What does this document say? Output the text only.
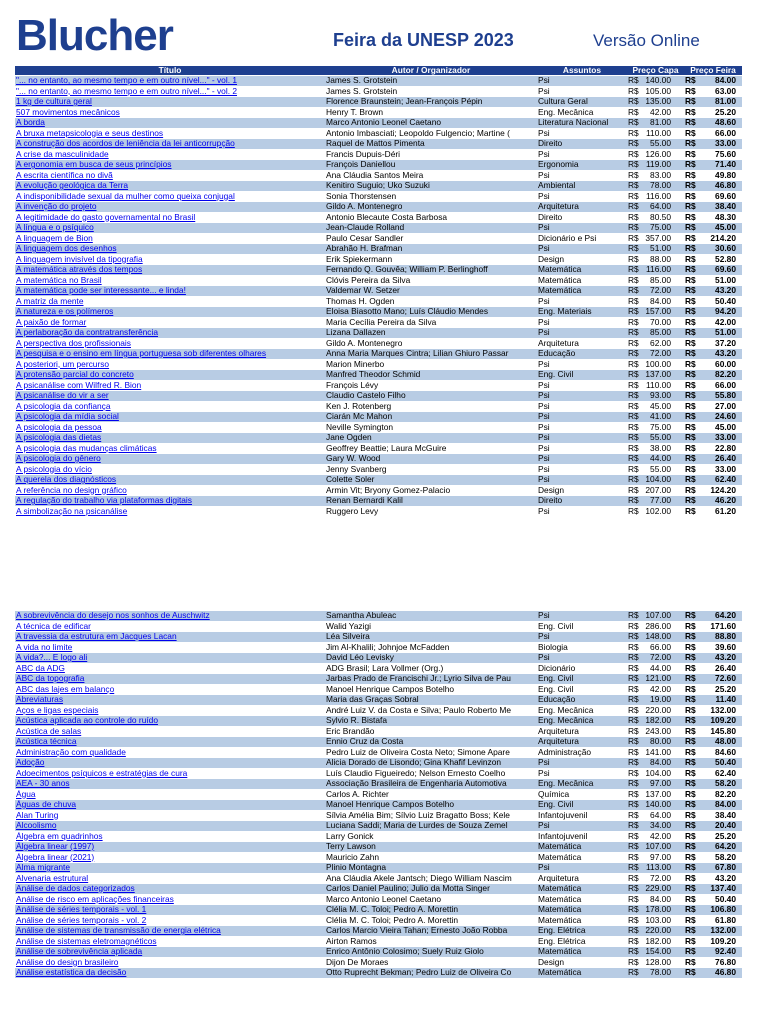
Blucher	Feira da UNESP 2023	Versão Online
Título	Autor / Organizador	Assuntos	Preço Capa	Preço Feira
"... no entanto, ao mesmo tempo e em outro nível..." - vol. 1	James S. Grotstein	Psi	R$ 140.00	R$ 84.00
"... no entanto, ao mesmo tempo e em outro nível..." - vol. 2	James S. Grotstein	Psi	R$ 105.00	R$ 63.00
1 kg de cultura geral	Florence Braunstein; Jean-François Pépin	Cultura Geral	R$ 135.00	R$ 81.00
507 movimentos mecânicos	Henry T. Brown	Eng. Mecânica	R$ 42.00	R$ 25.20
A borda	Marco Antonio Leonel Caetano	Literatura Nacional	R$ 81.00	R$ 48.60
A bruxa metapsicologia e seus destinos	Antonio Imbasciati; Leopoldo Fulgencio; Martine (	Psi	R$ 110.00	R$ 66.00
A construção dos acordos de leniência da lei anticorrupção	Raquel de Mattos Pimenta	Direito	R$ 55.00	R$ 33.00
A crise da masculinidade	Francis Dupuis-Déri	Psi	R$ 126.00	R$ 75.60
A ergonomia em busca de seus princípios	François Daniellou	Ergonomia	R$ 119.00	R$ 71.40
A escrita científica no divã	Ana Cláudia Santos Meira	Psi	R$ 83.00	R$ 49.80
A evolução geológica da Terra	Kenitiro Suguio; Uko Suzuki	Ambiental	R$ 78.00	R$ 46.80
A indisponibilidade sexual da mulher como queixa conjugal	Sonia Thorstensen	Psi	R$ 116.00	R$ 69.60
A invenção do projeto	Gildo A. Montenegro	Arquitetura	R$ 64.00	R$ 38.40
A legitimidade do gasto governamental no Brasil	Antonio Blecaute Costa Barbosa	Direito	R$ 80.50	R$ 48.30
A língua e o psíquico	Jean-Claude Rolland	Psi	R$ 75.00	R$ 45.00
A linguagem de Bion	Paulo Cesar Sandler	Dicionário e Psi	R$ 357.00	R$ 214.20
A linguagem dos desenhos	Abrahão H. Brafman	Psi	R$ 51.00	R$ 30.60
A linguagem invisível da tipografia	Erik Spiekermann	Design	R$ 88.00	R$ 52.80
A matemática através dos tempos	Fernando Q. Gouvêa; William P. Berlinghoff	Matemática	R$ 116.00	R$ 69.60
A matemática no Brasil	Clóvis Pereira da Silva	Matemática	R$ 85.00	R$ 51.00
A matemática pode ser interessante... e linda!	Valdemar W. Setzer	Matemática	R$ 72.00	R$ 43.20
A matriz da mente	Thomas H. Ogden	Psi	R$ 84.00	R$ 50.40
A natureza e os polímeros	Eloisa Biasotto Mano; Luís Cláudio Mendes	Eng. Materiais	R$ 157.00	R$ 94.20
A paixão de formar	Maria Cecília Pereira da Silva	Psi	R$ 70.00	R$ 42.00
A perlaboração da contratransferência	Lizana Dallazen	Psi	R$ 85.00	R$ 51.00
A perspectiva dos profissionais	Gildo A. Montenegro	Arquitetura	R$ 62.00	R$ 37.20
A pesquisa e o ensino em língua portuguesa sob diferentes olhares	Anna Maria Marques Cintra; Lilian Ghiuro Passar	Educação	R$ 72.00	R$ 43.20
A posteriori, um percurso	Marion Minerbo	Psi	R$ 100.00	R$ 60.00
A protensão parcial do concreto	Manfred Theodor Schmid	Eng. Civil	R$ 137.00	R$ 82.20
A psicanálise com Wilfred R. Bion	François Lévy	Psi	R$ 110.00	R$ 66.00
A psicanálise do vir a ser	Claudio Castelo Filho	Psi	R$ 93.00	R$ 55.80
A psicologia da confiança	Ken J. Rotenberg	Psi	R$ 45.00	R$ 27.00
A psicologia da mídia social	Ciarán Mc Mahon	Psi	R$ 41.00	R$ 24.60
A psicologia da pessoa	Neville Symington	Psi	R$ 75.00	R$ 45.00
A psicologia das dietas	Jane Ogden	Psi	R$ 55.00	R$ 33.00
A psicologia das mudanças climáticas	Geoffrey Beattie; Laura McGuire	Psi	R$ 38.00	R$ 22.80
A psicologia do gênero	Gary W. Wood	Psi	R$ 44.00	R$ 26.40
A psicologia do vício	Jenny Svanberg	Psi	R$ 55.00	R$ 33.00
A querela dos diagnósticos	Colette Soler	Psi	R$ 104.00	R$ 62.40
A referência no design gráfico	Armin Vit; Bryony Gomez-Palacio	Design	R$ 207.00	R$ 124.20
A regulação do trabalho via plataformas digitais	Renan Bernardi Kalil	Direito	R$ 77.00	R$ 46.20
A simbolização na psicanálise	Ruggero Levy	Psi	R$ 102.00	R$ 61.20
A sobrevivência do desejo nos sonhos de Auschwitz	Samantha Abuleac	Psi	R$ 107.00	R$ 64.20
A técnica de edificar	Walid Yazigi	Eng. Civil	R$ 286.00	R$ 171.60
A travessia da estrutura em Jacques Lacan	Léa Silveira	Psi	R$ 148.00	R$ 88.80
A vida no limite	Jim Al-Khalili; Johnjoe McFadden	Biologia	R$ 66.00	R$ 39.60
A vida?... E logo ali	David Léo Levisky	Psi	R$ 72.00	R$ 43.20
ABC da ADG	ADG Brasil; Lara Vollmer (Org.)	Dicionário	R$ 44.00	R$ 26.40
ABC da topografia	Jarbas Prado de Francischi Jr.; Lyrio Silva de Pau	Eng. Civil	R$ 121.00	R$ 72.60
ABC das lajes em balanço	Manoel Henrique Campos Botelho	Eng. Civil	R$ 42.00	R$ 25.20
Abreviaturas	Maria das Graças Sobral	Educação	R$ 19.00	R$ 11.40
Aços e ligas especiais	André Luiz V. da Costa e Silva; Paulo Roberto Me	Eng. Mecânica	R$ 220.00	R$ 132.00
Acústica aplicada ao controle do ruído	Sylvio R. Bistafa	Eng. Mecânica	R$ 182.00	R$ 109.20
Acústica de salas	Eric Brandão	Arquitetura	R$ 243.00	R$ 145.80
Acústica técnica	Ennio Cruz da Costa	Arquitetura	R$ 80.00	R$ 48.00
Administração com qualidade	Pedro Luiz de Oliveira Costa Neto; Simone Apare	Administração	R$ 141.00	R$ 84.60
Adoção	Alicia Dorado de Lisondo; Gina Khafif Levinzon	Psi	R$ 84.00	R$ 50.40
Adoecimentos psíquicos e estratégias de cura	Luís Claudio Figueiredo; Nelson Ernesto Coelho	Psi	R$ 104.00	R$ 62.40
AEA - 30 anos	Associação Brasileira de Engenharia Automotiva	Eng. Mecânica	R$ 97.00	R$ 58.20
Água	Carlos A. Richter	Química	R$ 137.00	R$ 82.20
Águas de chuva	Manoel Henrique Campos Botelho	Eng. Civil	R$ 140.00	R$ 84.00
Alan Turing	Sílvia Amélia Bim; Sílvio Luiz Bragatto Boss; Kele	Infantojuvenil	R$ 64.00	R$ 38.40
Alcoolismo	Luciana Saddi; Maria de Lurdes de Souza Zemel	Psi	R$ 34.00	R$ 20.40
Álgebra em quadrinhos	Larry Gonick	Infantojuvenil	R$ 42.00	R$ 25.20
Álgebra linear (1997)	Terry Lawson	Matemática	R$ 107.00	R$ 64.20
Álgebra linear (2021)	Mauricio Zahn	Matemática	R$ 97.00	R$ 58.20
Alma migrante	Plinio Montagna	Psi	R$ 113.00	R$ 67.80
Alvenaria estrutural	Ana Cláudia Akele Jantsch; Diego William Nascim	Arquitetura	R$ 72.00	R$ 43.20
Análise de dados categorizados	Carlos Daniel Paulino; Julio da Motta Singer	Matemática	R$ 229.00	R$ 137.40
Análise de risco em aplicações financeiras	Marco Antonio Leonel Caetano	Matemática	R$ 84.00	R$ 50.40
Análise de séries temporais - vol. 1	Clélia M. C. Toloi; Pedro A. Morettin	Matemática	R$ 178.00	R$ 106.80
Análise de séries temporais - vol. 2	Clélia M. C. Toloi; Pedro A. Morettin	Matemática	R$ 103.00	R$ 61.80
Análise de sistemas de transmissão de energia elétrica	Carlos Marcio Vieira Tahan; Ernesto João Robba	Eng. Elétrica	R$ 220.00	R$ 132.00
Análise de sistemas eletromagnéticos	Airton Ramos	Eng. Elétrica	R$ 182.00	R$ 109.20
Análise de sobrevivência aplicada	Enrico Antônio Colosimo; Suely Ruiz Giolo	Matemática	R$ 154.00	R$ 92.40
Análise do design brasileiro	Dijon De Moraes	Design	R$ 128.00	R$ 76.80
Análise estatística da decisão	Otto Ruprecht Bekman; Pedro Luiz de Oliveira Co	Matemática	R$ 78.00	R$ 46.80
